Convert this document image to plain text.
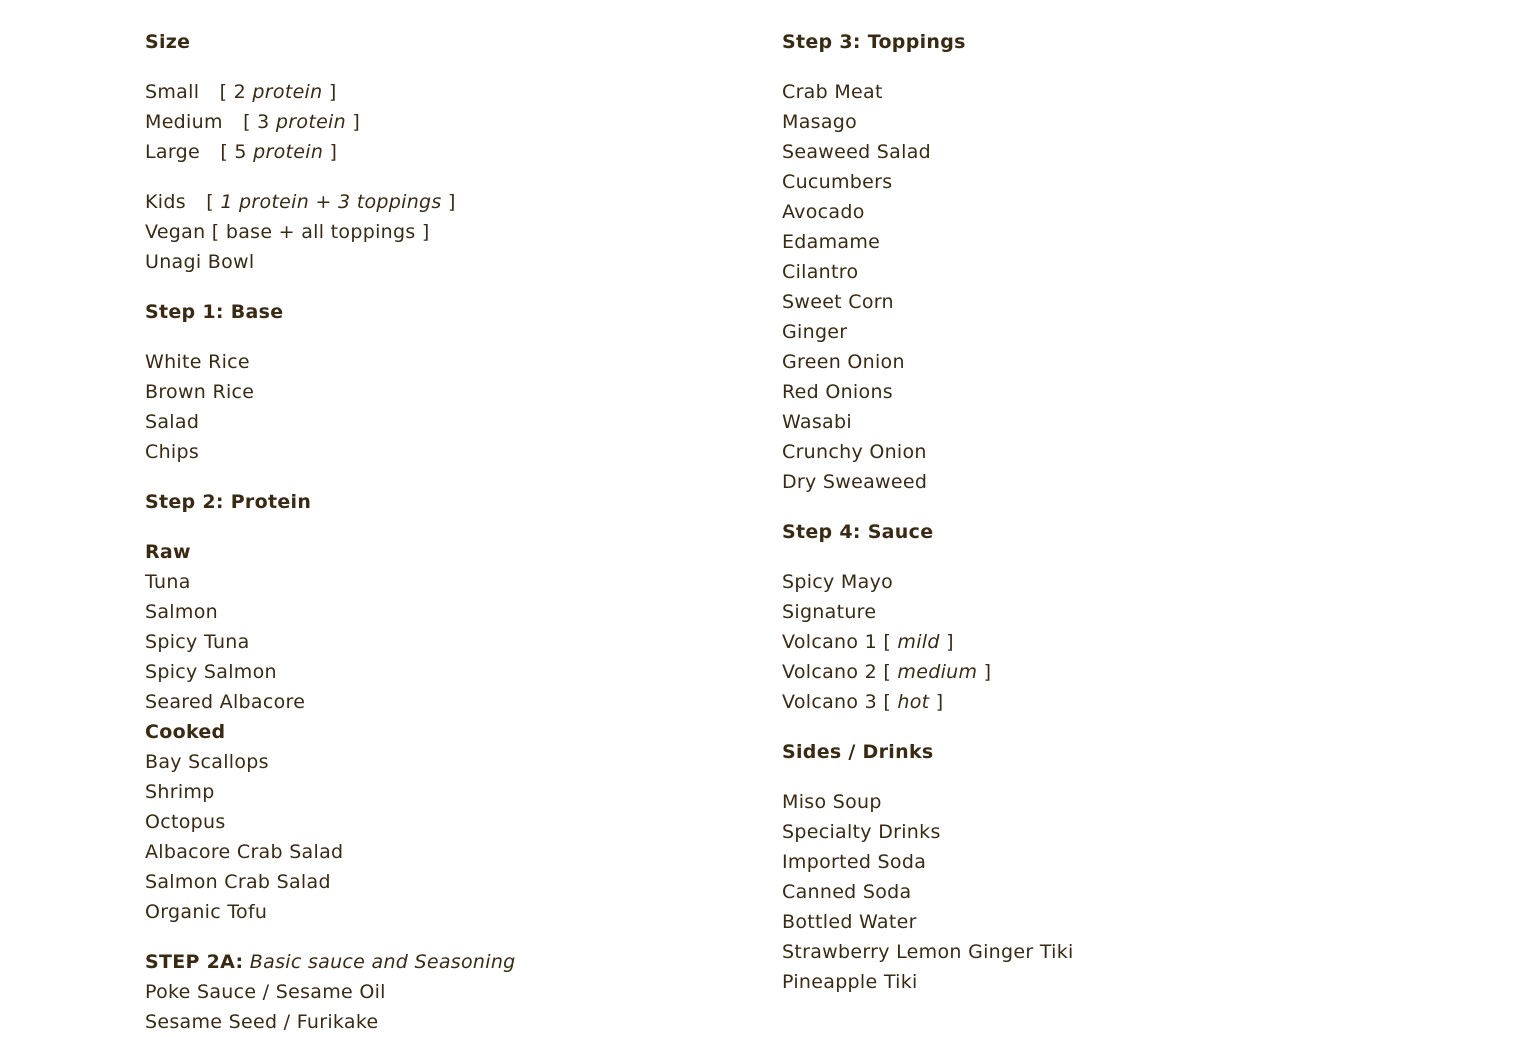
Size
Small [ 2 protein ]
Medium [ 3 protein ]
Large [ 5 protein ]
Kids [ 1 protein + 3 toppings ]
Vegan [ base + all toppings ]
Unagi Bowl
Step 1: Base
White Rice
Brown Rice
Salad
Chips
Step 2: Protein
Raw
Tuna
Salmon
Spicy Tuna
Spicy Salmon
Seared Albacore
Cooked
Bay Scallops
Shrimp
Octopus
Albacore Crab Salad
Salmon Crab Salad
Organic Tofu
STEP 2A: Basic sauce and Seasoning
Poke Sauce / Sesame Oil
Sesame Seed / Furikake
Step 3: Toppings
Crab Meat
Masago
Seaweed Salad
Cucumbers
Avocado
Edamame
Cilantro
Sweet Corn
Ginger
Green Onion
Red Onions
Wasabi
Crunchy Onion
Dry Sweaweed
Step 4: Sauce
Spicy Mayo
Signature
Volcano 1 [ mild ]
Volcano 2 [ medium ]
Volcano 3 [ hot ]
Sides / Drinks
Miso Soup
Specialty Drinks
Imported Soda
Canned Soda
Bottled Water
Strawberry Lemon Ginger Tiki
Pineapple Tiki
